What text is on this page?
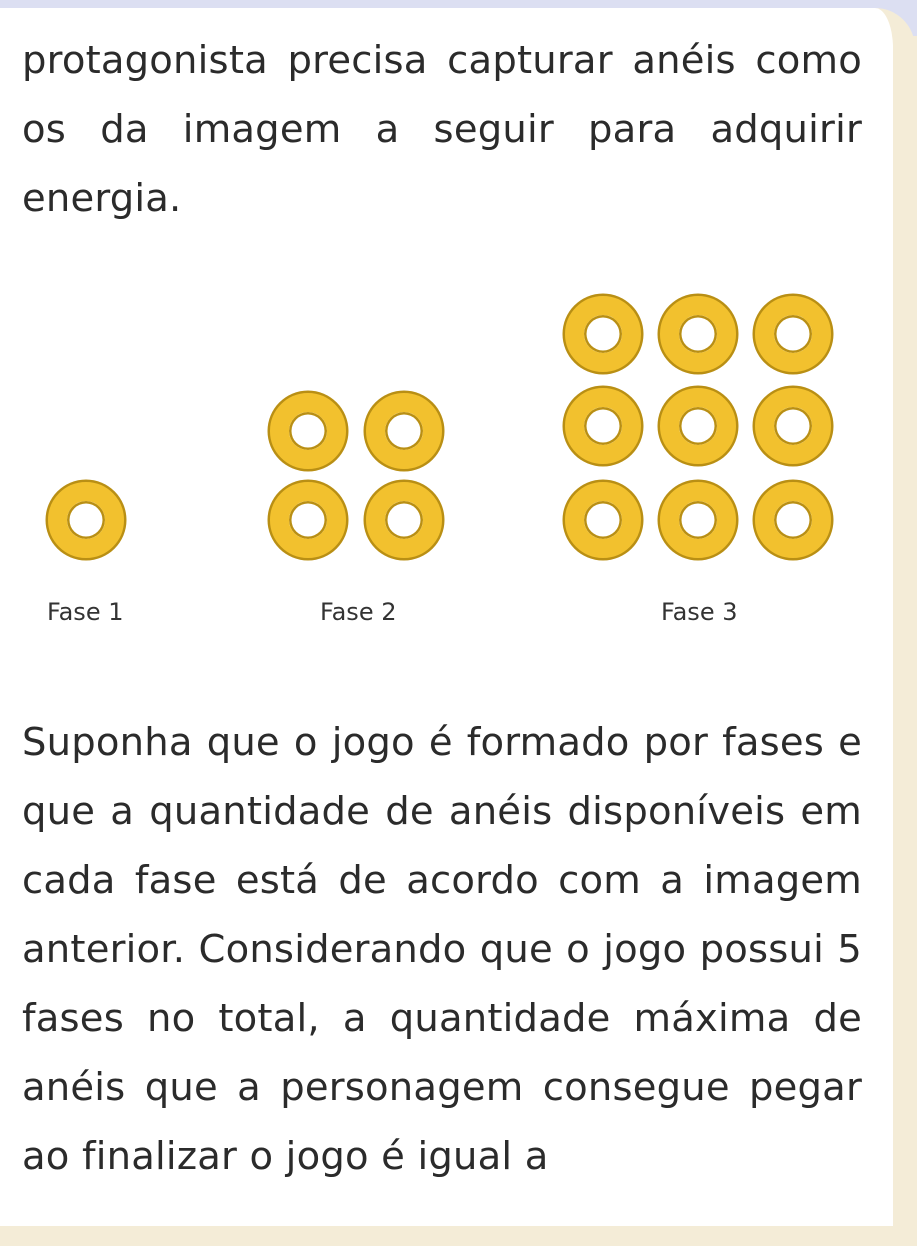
protagonista precisa capturar anéis como os da imagem a seguir para adquirir energia.

Fase 1	Fase 2	Fase 3

Suponha que o jogo é formado por fases e que a quantidade de anéis disponíveis em cada fase está de acordo com a imagem anterior. Considerando que o jogo possui 5 fases no total, a quantidade máxima de anéis que a personagem consegue pegar ao finalizar o jogo é igual a
